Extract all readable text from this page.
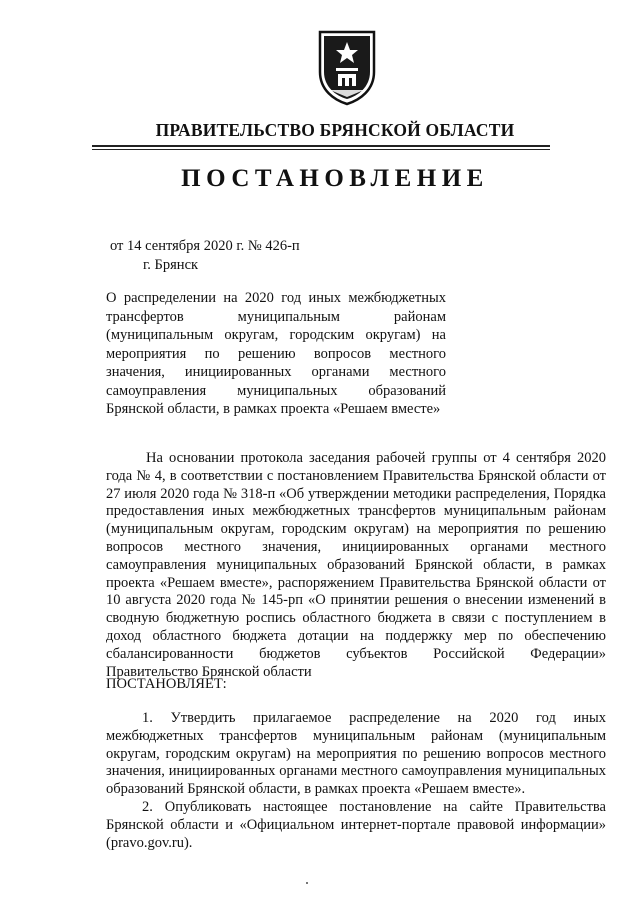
ПРАВИТЕЛЬСТВО БРЯНСКОЙ ОБЛАСТИ
ПОСТАНОВЛЕНИЕ
от 14 сентября 2020 г. № 426-п
г. Брянск
О распределении на 2020 год иных межбюджетных трансфертов муниципальным районам (муниципальным округам, городским округам) на мероприятия по решению вопросов местного значения, инициированных органами местного самоуправления муниципальных образований Брянской области, в рамках проекта «Решаем вместе»

На основании протокола заседания рабочей группы от 4 сентября 2020 года № 4, в соответствии с постановлением Правительства Брянской области от 27 июля 2020 года № 318-п «Об утверждении методики распределения, Порядка предоставления иных межбюджетных трансфертов муниципальным районам (муниципальным округам, городским округам) на мероприятия по решению вопросов местного значения, инициированных органами местного самоуправления муниципальных образований Брянской области, в рамках проекта «Решаем вместе», распоряжением Правительства Брянской области от 10 августа 2020 года № 145-рп «О принятии решения о внесении изменений в сводную бюджетную роспись областного бюджета в связи с поступлением в доход областного бюджета дотации на поддержку мер по обеспечению сбалансированности бюджетов субъектов Российской Федерации» Правительство Брянской области

ПОСТАНОВЛЯЕТ:

1. Утвердить прилагаемое распределение на 2020 год иных межбюджетных трансфертов муниципальным районам (муниципальным округам, городским округам) на мероприятия по решению вопросов местного значения, инициированных органами местного самоуправления муниципальных образований Брянской области, в рамках проекта «Решаем вместе».

2. Опубликовать настоящее постановление на сайте Правительства Брянской области и «Официальном интернет-портале правовой информации» (pravo.gov.ru).
